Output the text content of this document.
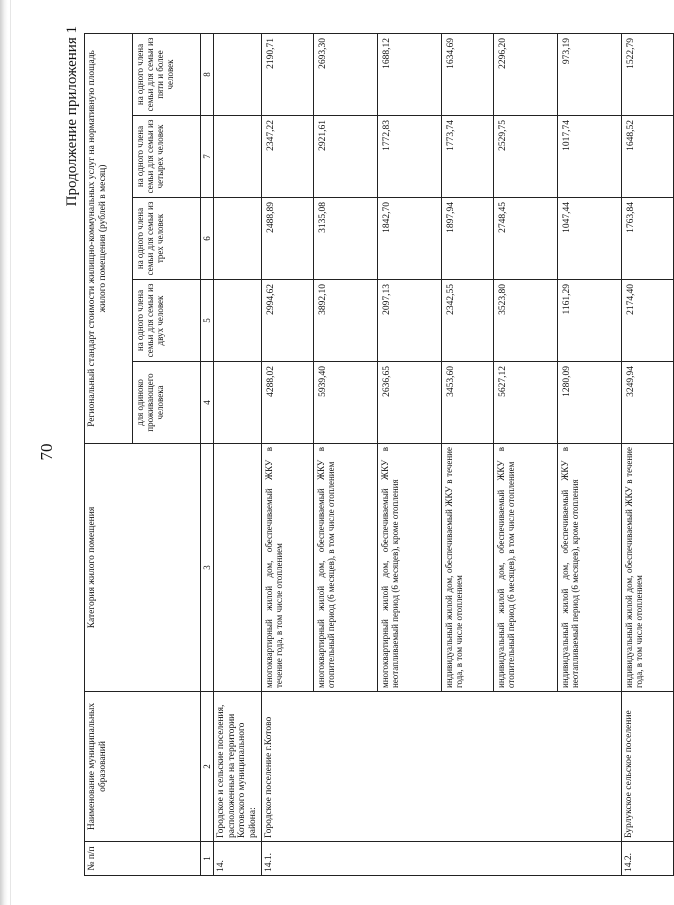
70
Продолжение приложения 1
№ п/п	Наименование муниципальных образований	Категория жилого помещения	Региональный стандарт стоимости жилищно-коммунальных услуг на нормативную площадь жилого помещения (рублей в месяц)				
			для одиноко проживающего человека	на одного члена семьи для семьи из двух человек	на одного члена семьи для семьи из трех человек	на одного члена семьи для семьи из четырех человек	на одного члена семьи для семьи из пяти и более человек
1	2	3	4	5	6	7	8
14.	Городское и сельские поселения, расположенные на территории Котовского муниципального района:						
14.1.	Городское поселение г.Котово	многоквартирный жилой дом, обеспечиваемый ЖКУ в течение года, в том числе отоплением	4288,02	2994,62	2488,89	2347,22	2190,71
		многоквартирный жилой дом, обеспечиваемый ЖКУ в отопительный период (6 месяцев), в том числе отоплением	5939,40	3892,10	3135,08	2921,61	2693,30
		многоквартирный жилой дом, обеспечиваемый ЖКУ в неотапливаемый период (6 месяцев), кроме отопления	2636,65	2097,13	1842,70	1772,83	1688,12
		индивидуальный жилой дом, обеспечиваемый ЖКУ в течение года, в том числе отоплением	3453,60	2342,55	1897,94	1773,74	1634,69
		индивидуальный жилой дом, обеспечиваемый ЖКУ в отопительный период (6 месяцев), в том числе отоплением	5627,12	3523,80	2748,45	2529,75	2296,20
		индивидуальный жилой дом, обеспечиваемый ЖКУ в неотапливаемый период (6 месяцев), кроме отопления	1280,09	1161,29	1047,44	1017,74	973,19
14.2.	Бурлукское сельское поселение	индивидуальный жилой дом, обеспечиваемый ЖКУ в течение года, в том числе отоплением	3249,94	2174,40	1763,84	1648,52	1522,79
